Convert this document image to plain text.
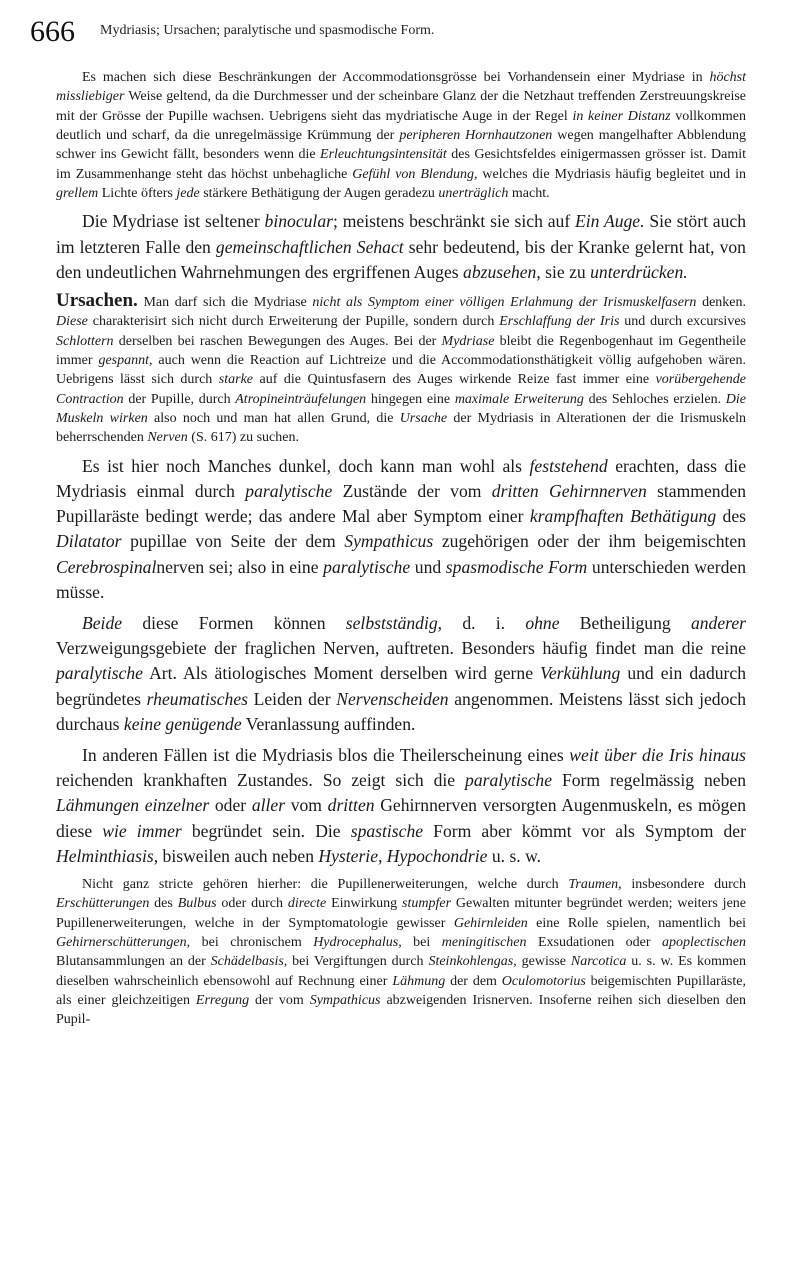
666 Mydriasis; Ursachen; paralytische und spasmodische Form.

Es machen sich diese Beschränkungen der Accommodationsgrösse bei Vorhandensein einer Mydriase in höchst missliebiger Weise geltend, da die Durchmesser und der scheinbare Glanz der die Netzhaut treffenden Zerstreuungskreise mit der Grösse der Pupille wachsen. Uebrigens sieht das mydriatische Auge in der Regel in keiner Distanz vollkommen deutlich und scharf, da die unregelmässige Krümmung der peripheren Hornhautzonen wegen mangelhafter Abblendung schwer ins Gewicht fällt, besonders wenn die Erleuchtungsintensität des Gesichtsfeldes einigermassen grösser ist. Damit im Zusammenhange steht das höchst unbehagliche Gefühl von Blendung, welches die Mydriasis häufig begleitet und in grellem Lichte öfters jede stärkere Bethätigung der Augen geradezu unerträglich macht.

Die Mydriase ist seltener binocular; meistens beschränkt sie sich auf Ein Auge. Sie stört auch im letzteren Falle den gemeinschaftlichen Sehact sehr bedeutend, bis der Kranke gelernt hat, von den undeutlichen Wahrnehmungen des ergriffenen Auges abzusehen, sie zu unterdrücken.

Ursachen. Man darf sich die Mydriase nicht als Symptom einer völligen Erlahmung der Irismuskelfasern denken. Diese charakterisirt sich nicht durch Erweiterung der Pupille, sondern durch Erschlaffung der Iris und durch excursives Schlottern derselben bei raschen Bewegungen des Auges. Bei der Mydriase bleibt die Regenbogenhaut im Gegentheile immer gespannt, auch wenn die Reaction auf Lichtreize und die Accommodationsthätigkeit völlig aufgehoben wären. Uebrigens lässt sich durch starke auf die Quintusfasern des Auges wirkende Reize fast immer eine vorübergehende Contraction der Pupille, durch Atropineinträufelungen hingegen eine maximale Erweiterung des Sehloches erzielen. Die Muskeln wirken also noch und man hat allen Grund, die Ursache der Mydriasis in Alterationen der die Irismuskeln beherrschenden Nerven (S. 617) zu suchen.

Es ist hier noch Manches dunkel, doch kann man wohl als feststehend erachten, dass die Mydriasis einmal durch paralytische Zustände der vom dritten Gehirnnerven stammenden Pupillaräste bedingt werde; das andere Mal aber Symptom einer krampfhaften Bethätigung des Dilatator pupillae von Seite der dem Sympathicus zugehörigen oder der ihm beigemischten Cerebrospinalnerven sei; also in eine paralytische und spasmodische Form unterschieden werden müsse.

Beide diese Formen können selbstständig, d. i. ohne Betheiligung anderer Verzweigungsgebiete der fraglichen Nerven, auftreten. Besonders häufig findet man die reine paralytische Art. Als ätiologisches Moment derselben wird gerne Verkühlung und ein dadurch begründetes rheumatisches Leiden der Nervenscheiden angenommen. Meistens lässt sich jedoch durchaus keine genügende Veranlassung auffinden.

In anderen Fällen ist die Mydriasis blos die Theilerscheinung eines weit über die Iris hinaus reichenden krankhaften Zustandes. So zeigt sich die paralytische Form regelmässig neben Lähmungen einzelner oder aller vom dritten Gehirnnerven versorgten Augenmuskeln, es mögen diese wie immer begründet sein. Die spastische Form aber kömmt vor als Symptom der Helminthiasis, bisweilen auch neben Hysterie, Hypochondrie u. s. w.

Nicht ganz stricte gehören hierher: die Pupillenerweiterungen, welche durch Traumen, insbesondere durch Erschütterungen des Bulbus oder durch directe Einwirkung stumpfer Gewalten mitunter begründet werden; weiters jene Pupillenerweiterungen, welche in der Symptomatologie gewisser Gehirnleiden eine Rolle spielen, namentlich bei Gehirnerschütterungen, bei chronischem Hydrocephalus, bei meningitischen Exsudationen oder apoplectischen Blutansammlungen an der Schädelbasis, bei Vergiftungen durch Steinkohlengas, gewisse Narcotica u. s. w. Es kommen dieselben wahrscheinlich ebensowohl auf Rechnung einer Lähmung der dem Oculomotorius beigemischten Pupillaräste, als einer gleichzeitigen Erregung der vom Sympathicus abzweigenden Irisnerven. Insoferne reihen sich dieselben den Pupil-
